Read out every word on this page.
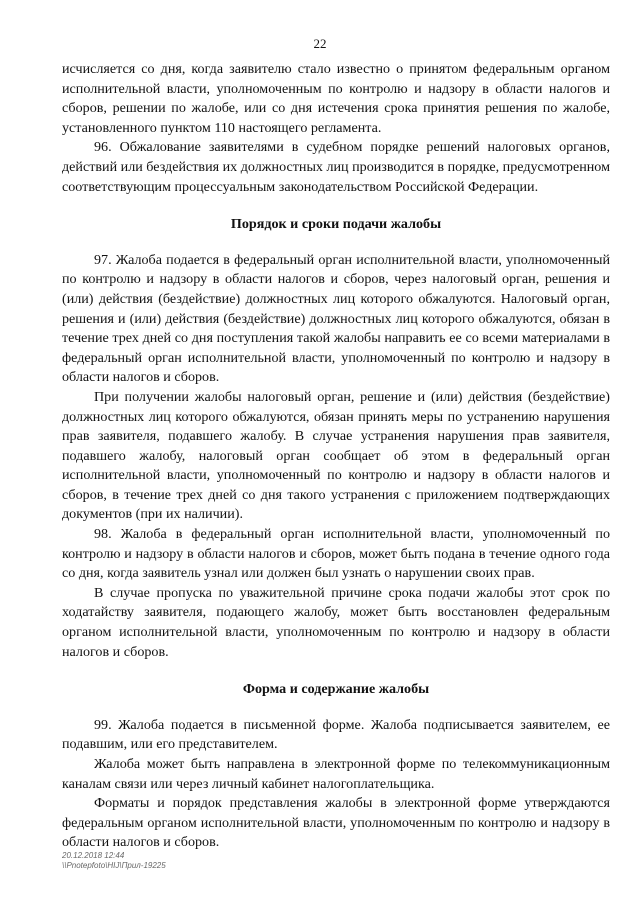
22

исчисляется со дня, когда заявителю стало известно о принятом федеральным органом исполнительной власти, уполномоченным по контролю и надзору в области налогов и сборов, решении по жалобе, или со дня истечения срока принятия решения по жалобе, установленного пунктом 110 настоящего регламента.

96. Обжалование заявителями в судебном порядке решений налоговых органов, действий или бездействия их должностных лиц производится в порядке, предусмотренном соответствующим процессуальным законодательством Российской Федерации.

Порядок и сроки подачи жалобы

97. Жалоба подается в федеральный орган исполнительной власти, уполномоченный по контролю и надзору в области налогов и сборов, через налоговый орган, решения и (или) действия (бездействие) должностных лиц которого обжалуются. Налоговый орган, решения и (или) действия (бездействие) должностных лиц которого обжалуются, обязан в течение трех дней со дня поступления такой жалобы направить ее со всеми материалами в федеральный орган исполнительной власти, уполномоченный по контролю и надзору в области налогов и сборов.

При получении жалобы налоговый орган, решение и (или) действия (бездействие) должностных лиц которого обжалуются, обязан принять меры по устранению нарушения прав заявителя, подавшего жалобу. В случае устранения нарушения прав заявителя, подавшего жалобу, налоговый орган сообщает об этом в федеральный орган исполнительной власти, уполномоченный по контролю и надзору в области налогов и сборов, в течение трех дней со дня такого устранения с приложением подтверждающих документов (при их наличии).

98. Жалоба в федеральный орган исполнительной власти, уполномоченный по контролю и надзору в области налогов и сборов, может быть подана в течение одного года со дня, когда заявитель узнал или должен был узнать о нарушении своих прав.

В случае пропуска по уважительной причине срока подачи жалобы этот срок по ходатайству заявителя, подающего жалобу, может быть восстановлен федеральным органом исполнительной власти, уполномоченным по контролю и надзору в области налогов и сборов.

Форма и содержание жалобы

99. Жалоба подается в письменной форме. Жалоба подписывается заявителем, ее подавшим, или его представителем.

Жалоба может быть направлена в электронной форме по телекоммуникационным каналам связи или через личный кабинет налогоплательщика.

Форматы и порядок представления жалобы в электронной форме утверждаются федеральным органом исполнительной власти, уполномоченным по контролю и надзору в области налогов и сборов.

20.12.2018 12:44
\\Pnotepfoto\HIJ\Прил-19225
